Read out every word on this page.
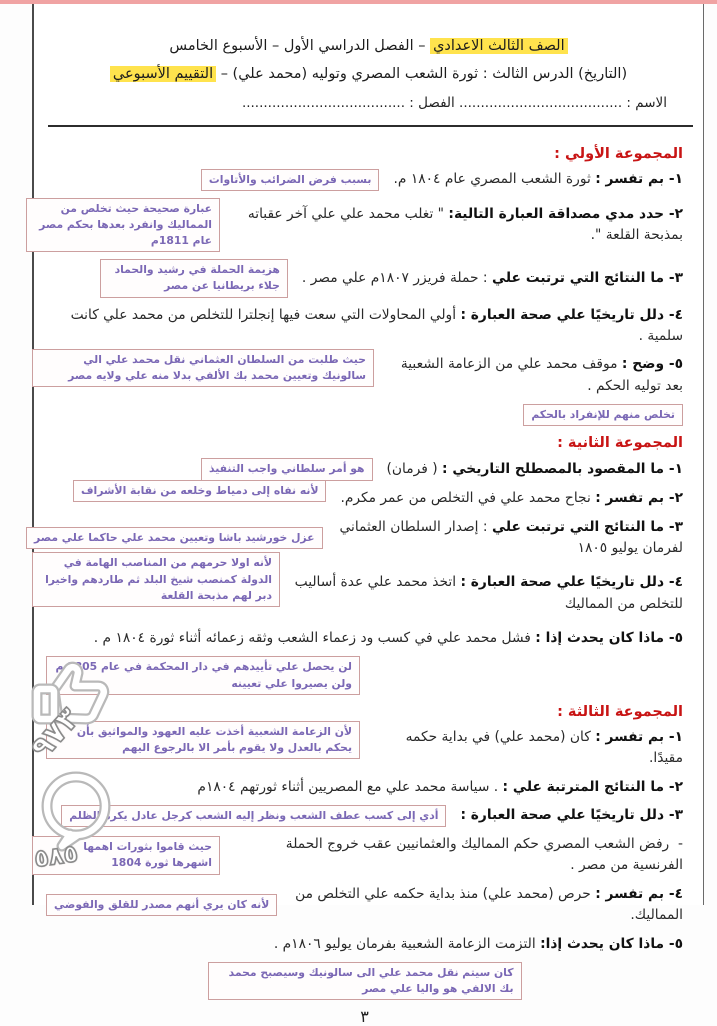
الصف الثالث الاعدادي – الفصل الدراسي الأول – الأسبوع الخامس
(التاريخ) الدرس الثالث : ثورة الشعب المصري وتوليه (محمد علي) – التقييم الأسبوعي
الاسم : ...................................... الفصل : ......................................
المجموعة الأولي :
١- بم تفسر : ثورة الشعب المصري عام ١٨٠٤ م.
بسبب فرض الضرائب والأتاوات
٢- حدد مدي مصداقة العبارة التالية: " تغلب محمد علي علي آخر عقباته بمذبحة القلعة ".
عبارة صحيحة حيث تخلص من المماليك وانفرد بعدها بحكم مصر عام 1811م
٣- ما النتائج التي ترتبت علي : حملة فريزر ١٨٠٧م علي مصر .
هزيمة الحملة في رشيد والحماد جلاء بريطانيا عن مصر
٤- دلل تاريخيًا علي صحة العبارة : أولي المحاولات التي سعت فيها إنجلترا للتخلص من محمد علي كانت سلمية .
٥- وضح : موقف محمد علي من الزعامة الشعبية بعد توليه الحكم .
حيث طلبت من السلطان العثماني نقل محمد علي الي سالونيك وتعيين محمد بك الألفي بدلا منه علي ولايه مصر
تخلص منهم للإنفراد بالحكم
المجموعة الثانية :
١- ما المقصود بالمصطلح التاريخي : ( فرمان)
هو أمر سلطاني واجب التنفيذ
٢- بم تفسر : نجاح محمد علي في التخلص من عمر مكرم.
لأنه نفاه إلى دمياط وخلعه من نقابة الأشراف
٣- ما النتائج التي ترتبت علي : إصدار السلطان العثماني لفرمان يوليو ١٨٠٥
عزل خورشيد باشا وتعيين محمد علي حاكما علي مصر
٤- دلل تاريخيًا علي صحة العبارة : اتخذ محمد علي عدة أساليب للتخلص من المماليك
لأنه اولا حرمهم من المناصب الهامة في الدولة كمنصب شيخ البلد ثم طاردهم واخيرا دبر لهم مذبحة القلعة
٥- ماذا كان يحدث إذا : فشل محمد علي في كسب ود زعماء الشعب وثقه زعمائه أثناء ثورة ١٨٠٤ م .
لن يحصل علي تأييدهم في دار المحكمة في عام 1805 م ولن يصيروا علي تعيينه
المجموعة الثالثة :
١- بم تفسر : كان (محمد علي) في بداية حكمه مقيدًا.
لأن الزعامة الشعبية أخذت عليه العهود والمواثيق بأن يحكم بالعدل ولا يقوم بأمر الا بالرجوع اليهم
٢- ما النتائج المترتبة علي : . سياسة محمد علي مع المصريين أثناء ثورتهم ١٨٠٤م
٣- دلل تاريخيًا علي صحة العبارة :
أدي إلى كسب عطف الشعب ونظر إليه الشعب كرجل عادل يكره الظلم
-  رفض الشعب المصري حكم المماليك والعثمانيين عقب خروج الحملة الفرنسية من مصر .
حيث قاموا بثورات اهمها اشهرها ثورة 1804
٤- بم تفسر : حرص (محمد علي) منذ بداية حكمه علي التخلص من المماليك.
لأنه كان يري أنهم مصدر للقلق والفوضي
٥- ماذا كان يحدث إذا: التزمت الزعامة الشعبية بفرمان يوليو ١٨٠٦م .
كان سيتم نقل محمد علي الى سالونيك وسيصبح محمد بك الالفي هو واليا علي مصر
٣
٩٧٣
٥٨٥
